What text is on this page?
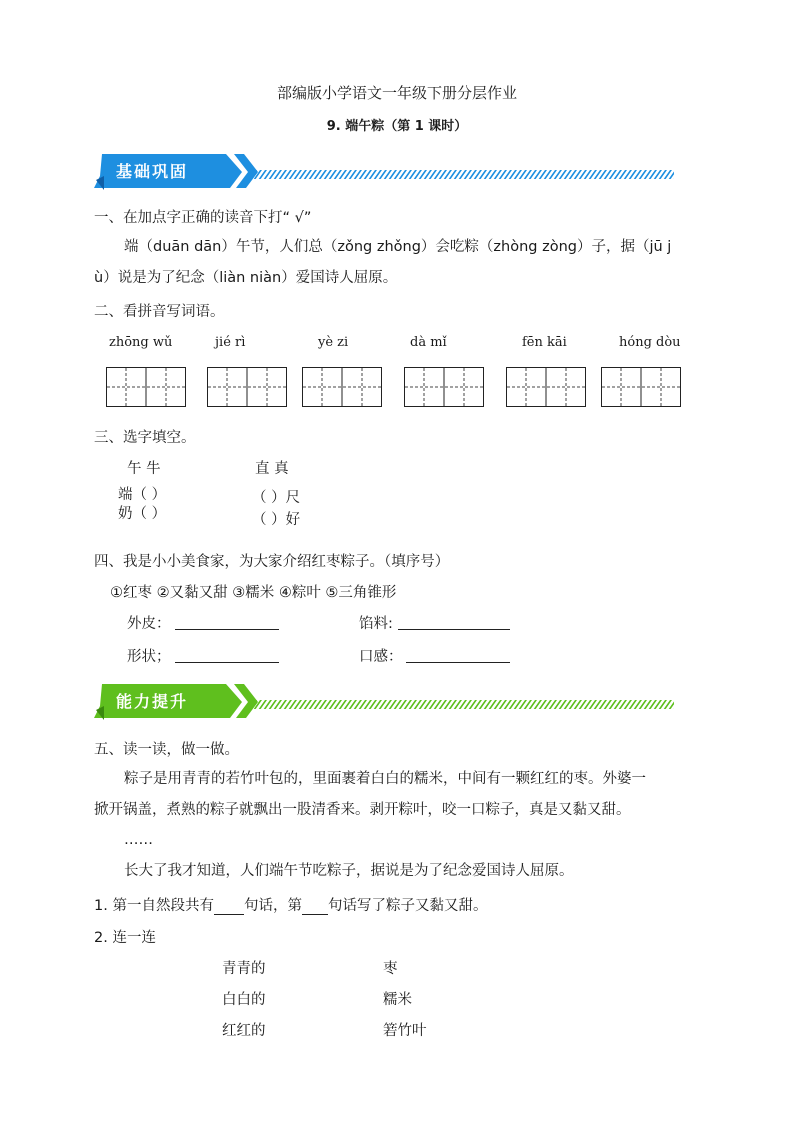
部编版小学语文一年级下册分层作业
9. 端午粽（第 1 课时）
基础巩固
一、在加点字正确的读音下打“ √”
端（duān dān）午节，人们总（zǒng zhǒng）会吃粽（zhòng zòng）子，据（jū j
ù）说是为了纪念（liàn niàn）爱国诗人屈原。
二、看拼音写词语。
zhōng wǔ	jié rì	yè zi	dà mǐ	fēn kāi	hóng dòu
三、选字填空。
午 牛	直 真
端（ ）
奶（ ）
（ ）尺
（ ）好
四、我是小小美食家，为大家介绍红枣粽子。（填序号）
①红枣 ②又黏又甜 ③糯米 ④粽叶 ⑤三角锥形
外皮：	馅料:
形状；	口感：
能力提升
五、读一读，做一做。
粽子是用青青的若竹叶包的，里面裹着白白的糯米，中间有一颗红红的枣。外婆一
掀开锅盖，煮熟的粽子就飘出一股清香来。剥开粽叶，咬一口粽子，真是又黏又甜。
……
长大了我才知道，人们端午节吃粽子，据说是为了纪念爱国诗人屈原。
1. 第一自然段共有 句话，第 句话写了粽子又黏又甜。
2. 连一连
青青的
白白的
红红的
枣
糯米
箬竹叶
